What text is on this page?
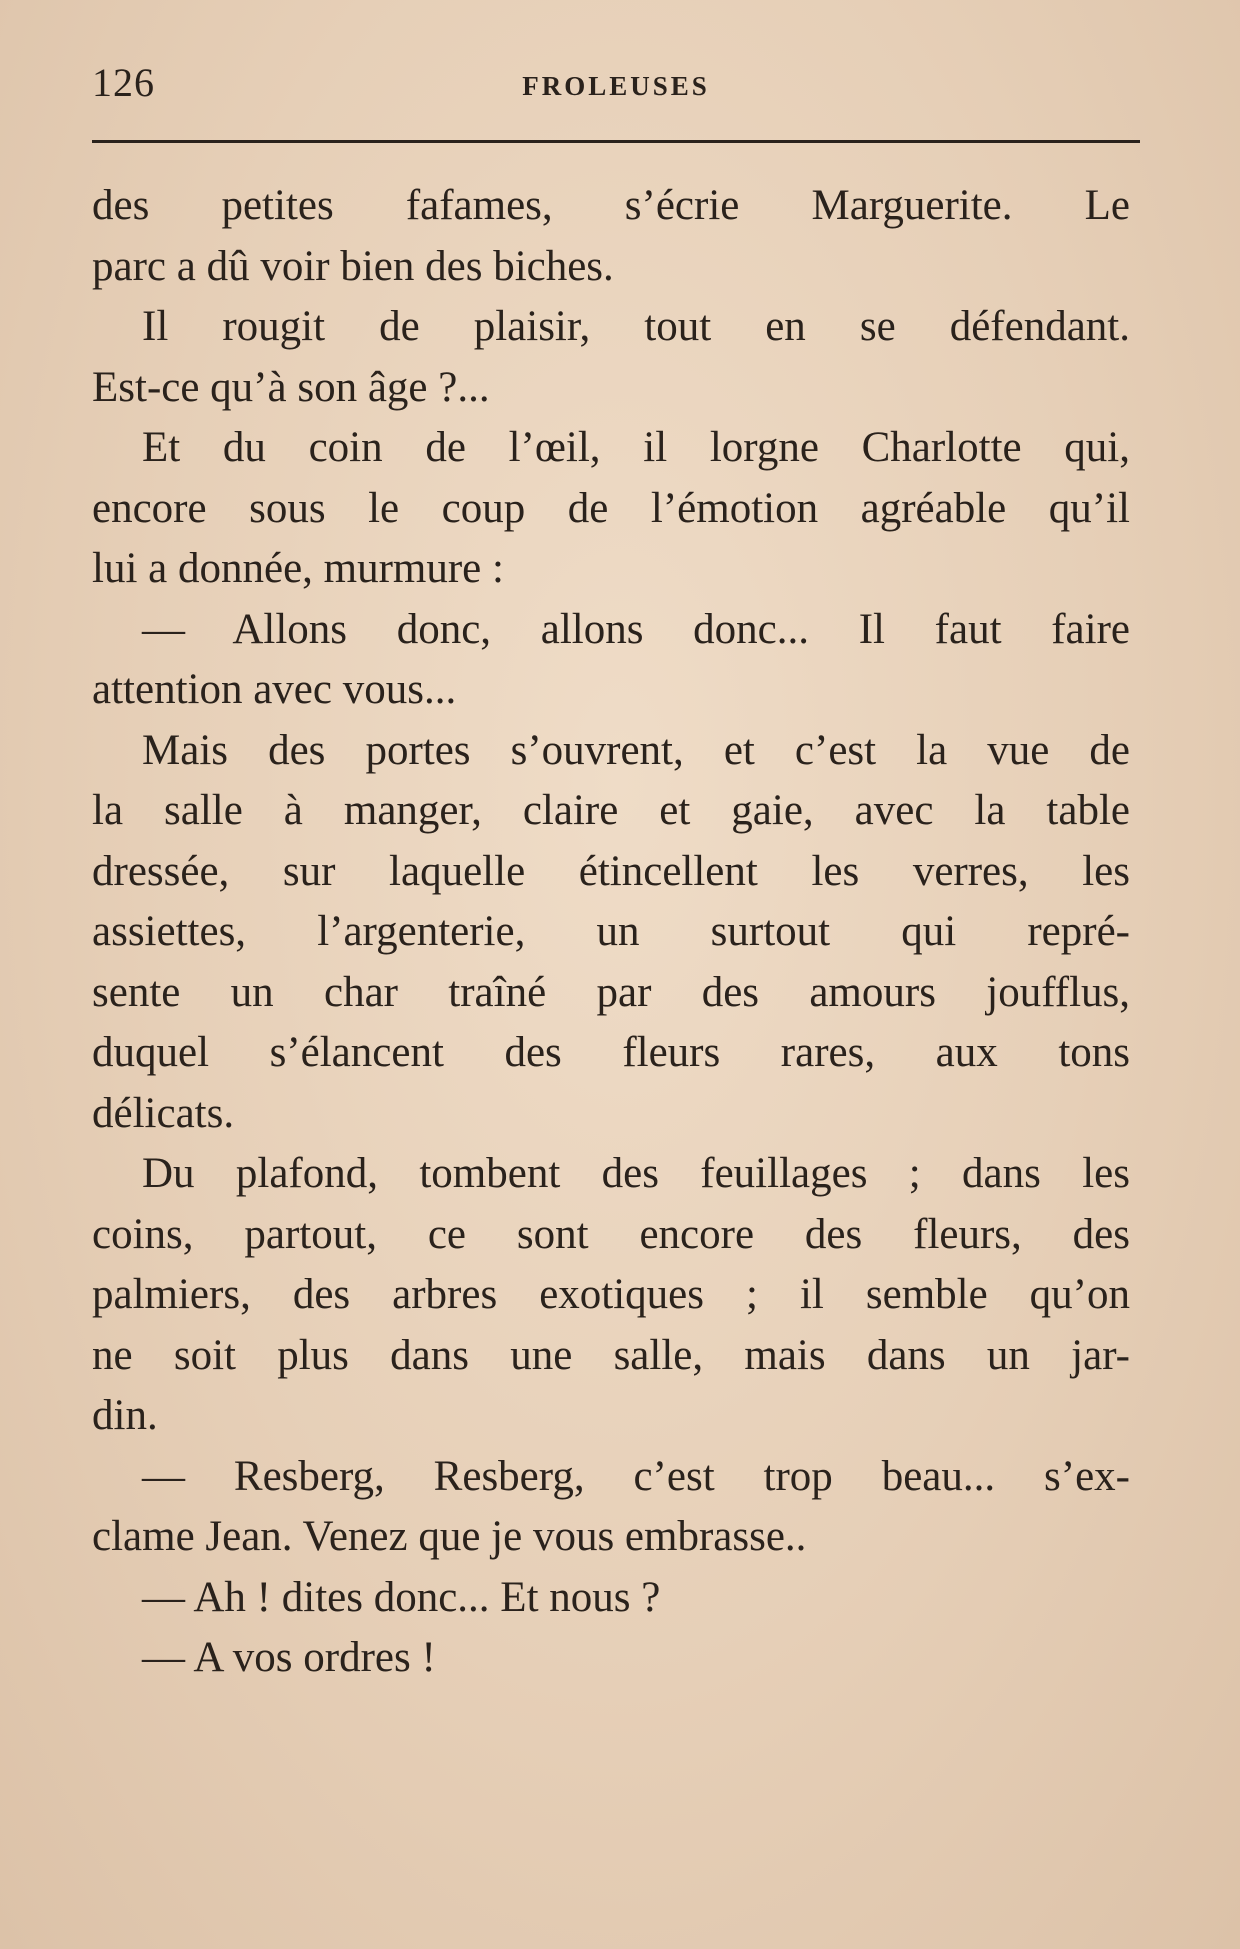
126	FROLEUSES
des petites fafames, s’écrie Marguerite. Le
parc a dû voir bien des biches.
Il rougit de plaisir, tout en se défendant.
Est-ce qu’à son âge ?...
Et du coin de l’œil, il lorgne Charlotte qui,
encore sous le coup de l’émotion agréable qu’il
lui a donnée, murmure :
— Allons donc, allons donc... Il faut faire
attention avec vous...
Mais des portes s’ouvrent, et c’est la vue de
la salle à manger, claire et gaie, avec la table
dressée, sur laquelle étincellent les verres, les
assiettes, l’argenterie, un surtout qui repré-
sente un char traîné par des amours joufflus,
duquel s’élancent des fleurs rares, aux tons
délicats.
Du plafond, tombent des feuillages ; dans les
coins, partout, ce sont encore des fleurs, des
palmiers, des arbres exotiques ; il semble qu’on
ne soit plus dans une salle, mais dans un jar-
din.
— Resberg, Resberg, c’est trop beau... s’ex-
clame Jean. Venez que je vous embrasse..
— Ah ! dites donc... Et nous ?
— A vos ordres !
